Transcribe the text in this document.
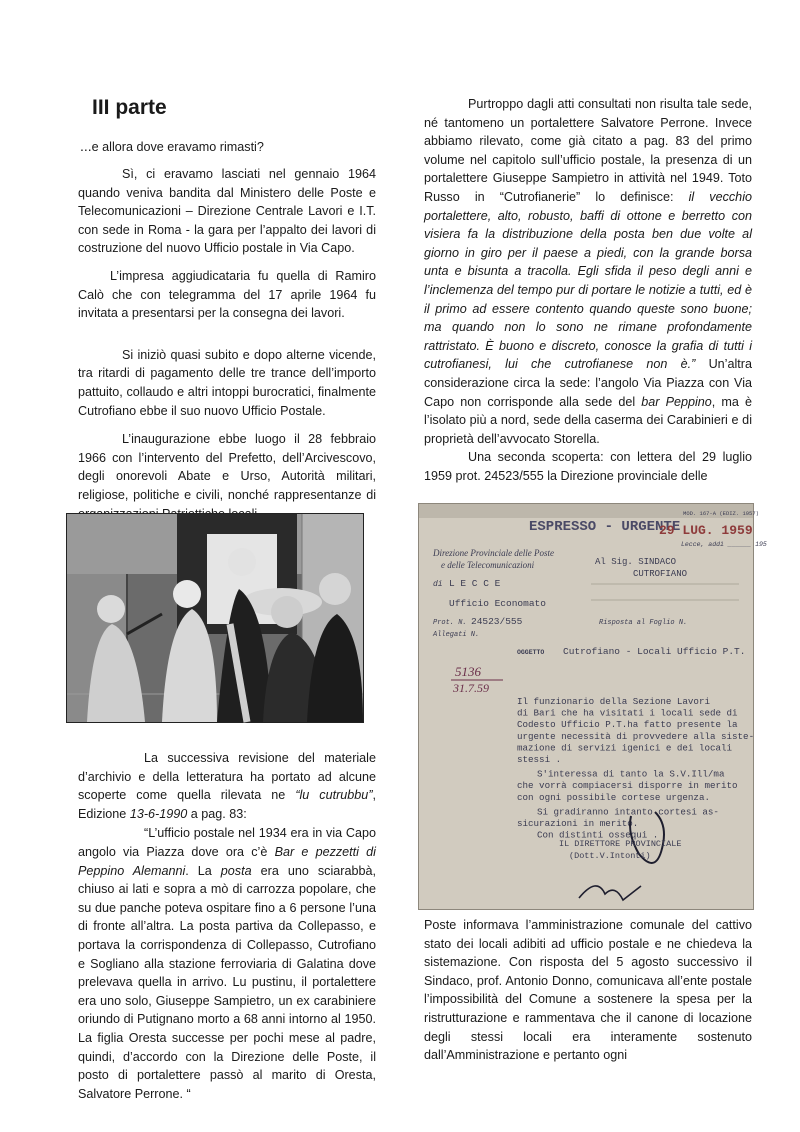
III parte
...e allora dove eravamo rimasti?

Sì, ci eravamo lasciati nel gennaio 1964 quando veniva bandita dal Ministero delle Poste e Telecomunicazioni – Direzione Centrale Lavori e I.T. con sede in Roma - la gara per l’appalto dei lavori di costruzione del nuovo Ufficio postale in Via Capo.

L’impresa aggiudicataria fu quella di Ramiro Calò che con telegramma del 17 aprile 1964 fu invitata a presentarsi per la consegna dei lavori.

Si iniziò quasi subito e dopo alterne vicende, tra ritardi di pagamento delle tre trance dell’importo pattuito, collaudo e altri intoppi burocratici, finalmente Cutrofiano ebbe il suo nuovo Ufficio Postale.

L’inaugurazione ebbe luogo il 28 febbraio 1966 con l’intervento del Prefetto, dell’Arcivescovo, degli onorevoli Abate e Urso, Autorità militari, religiose, politiche e civili, nonché rappresentanze di

La successiva revisione del materiale d’archivio e della letteratura ha portato ad alcune scoperte come quella rilevata ne “lu cutrubbu”, Edizione 13-6-1990 a pag. 83:

“L’ufficio postale nel 1934 era in via Capo angolo via Piazza dove ora c’è Bar e pezzetti di Peppino Alemanni. La posta era uno sciarabbà, chiuso ai lati e sopra a mò di carrozza popolare, che su due panche poteva ospitare fino a 6 persone l’una di fronte all’altra. La posta partiva da Collepasso, e portava la corrispondenza di Collepasso, Cutrofiano e Sogliano alla stazione ferroviaria di Galatina dove prelevava quella in arrivo. Lu pustinu, il portalettere era uno solo, Giuseppe Sampietro, un ex carabiniere oriundo di Putignano morto a 68 anni intorno al 1950. La figlia Oresta successe per pochi mese al padre, quindi, d’accordo con la Direzione delle Poste, il posto di portalettere passò al marito di Oresta, Salvatore Perrone. “

Purtroppo dagli atti consultati non risulta tale sede, né tantomeno un portalettere Salvatore Perrone. Invece abbiamo rilevato, come già citato a pag. 83 del primo volume nel capitolo sull’ufficio postale, la presenza di un portalettere Giuseppe Sampietro in attività nel 1949. Toto Russo in “Cutrofianerie” lo definisce: il vecchio portalettere, alto, robusto, baffi di ottone e berretto con visiera fa la distribuzione della posta ben due volte al giorno in giro per il paese a piedi, con la grande borsa unta e bisunta a tracolla. Egli sfida il peso degli anni e l’inclemenza del tempo pur di portare le notizie a tutti, ed è il primo ad essere contento quando queste sono buone; ma quando non lo sono ne rimane profondamente rattristato. È buono e discreto, conosce la grafia di tutti i cutrofianesi, lui che cutrofianese non è.” Un’altra considerazione circa la sede: l’angolo Via Piazza con Via Capo non corrisponde alla sede del bar Peppino, ma è l’isolato più a nord, sede della caserma dei Carabinieri e di proprietà dell’avvocato Storella.

Una seconda scoperta: con lettera del 29 luglio 1959 prot. 24523/555 la Direzione provinciale delle

MOD. 167-A (EDIZ. 1957)
ESPRESSO - URGENTE
29 LUG. 1959
Lecce, addì ______ 195
Direzione Provinciale delle Poste
e delle Telecomunicazioni
di L E C C E
Ufficio Economato
Al Sig. SINDACO
CUTROFIANO
Prot. N. 24523/555	Risposta al Foglio N.
Allegati N.
OGGETTO Cutrofiano - Locali Ufficio P.T.
5136
31.7.59
Il funzionario della Sezione Lavori
di Bari che ha visitati i locali sede di
Codesto Ufficio P.T.ha fatto presente la
urgente necessità di provvedere alla siste-
mazione di servizi igenici e dei locali
stessi .
S'interessa di tanto la S.V.Ill/ma
che vorrà compiacersi disporre in merito
con ogni possibile cortese urgenza.
Si gradiranno intanto cortesi as-
sicurazioni in merito.
Con distinti ossequi .
IL DIRETTORE PROVINCIALE
(Dott.V.Intonti)

Poste informava l’amministrazione comunale del cattivo stato dei locali adibiti ad ufficio postale e ne chiedeva la sistemazione. Con risposta del 5 agosto successivo il Sindaco, prof. Antonio Donno, comunicava all’ente postale l’impossibilità del Comune a sostenere la spesa per la ristrutturazione e rammentava che il canone di locazione degli stessi locali era interamente sostenuto dall’Amministrazione e pertanto ogni
